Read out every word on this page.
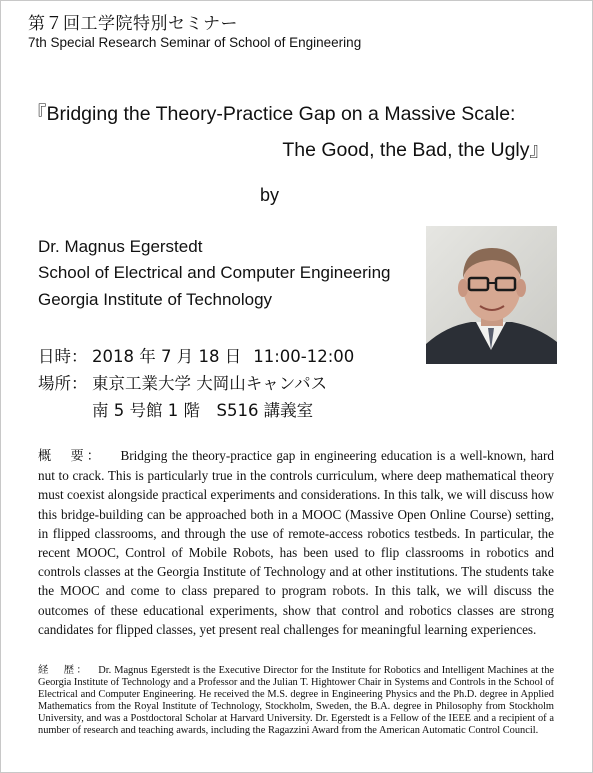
第７回工学院特別セミナー
7th Special Research Seminar of School of Engineering
『Bridging the Theory-Practice Gap on a Massive Scale:
The Good, the Bad, the Ugly』
by
Dr. Magnus Egerstedt
School of Electrical and Computer Engineering
Georgia Institute of Technology
日時： 2018 年 7 月 18 日 11:00-12:00
場所： 東京工業大学 大岡山キャンパス
南 5 号館 1 階　S516 講義室
概　要： Bridging the theory-practice gap in engineering education is a well-known, hard nut to crack. This is particularly true in the controls curriculum, where deep mathematical theory must coexist alongside practical experiments and considerations. In this talk, we will discuss how this bridge-building can be approached both in a MOOC (Massive Open Online Course) setting, in flipped classrooms, and through the use of remote-access robotics testbeds. In particular, the recent MOOC, Control of Mobile Robots, has been used to flip classrooms in robotics and controls classes at the Georgia Institute of Technology and at other institutions. The students take the MOOC and come to class prepared to program robots. In this talk, we will discuss the outcomes of these educational experiments, show that control and robotics classes are strong candidates for flipped classes, yet present real challenges for meaningful learning experiences.
経　歴： Dr. Magnus Egerstedt is the Executive Director for the Institute for Robotics and Intelligent Machines at the Georgia Institute of Technology and a Professor and the Julian T. Hightower Chair in Systems and Controls in the School of Electrical and Computer Engineering. He received the M.S. degree in Engineering Physics and the Ph.D. degree in Applied Mathematics from the Royal Institute of Technology, Stockholm, Sweden, the B.A. degree in Philosophy from Stockholm University, and was a Postdoctoral Scholar at Harvard University. Dr. Egerstedt is a Fellow of the IEEE and a recipient of a number of research and teaching awards, including the Ragazzini Award from the American Automatic Control Council.
